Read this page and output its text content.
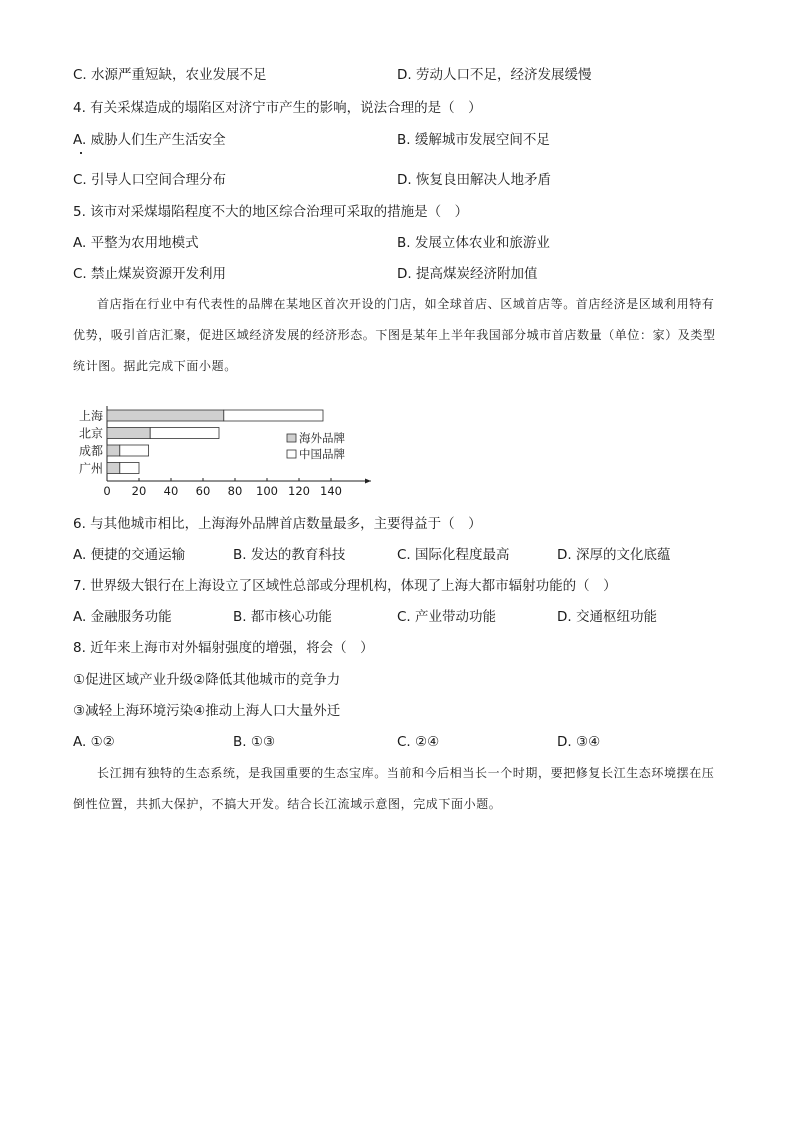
C. 水源严重短缺，农业发展不足	D. 劳动人口不足，经济发展缓慢
4. 有关采煤造成的塌陷区对济宁市产生的影响，说法合理的是（　）
A. 威胁人们生产生活安全	B. 缓解城市发展空间不足
C. 引导人口空间合理分布	D. 恢复良田解决人地矛盾
5. 该市对采煤塌陷程度不大的地区综合治理可采取的措施是（　）
A. 平整为农用地模式	B. 发展立体农业和旅游业
C. 禁止煤炭资源开发利用	D. 提高煤炭经济附加值

首店指在行业中有代表性的品牌在某地区首次开设的门店，如全球首店、区域首店等。首店经济是区域利用特有优势，吸引首店汇聚，促进区域经济发展的经济形态。下图是某年上半年我国部分城市首店数量（单位：家）及类型统计图。据此完成下面小题。

上海
北京
成都
广州
0 20 40 60 80 100 120 140
海外品牌
中国品牌
6. 与其他城市相比，上海海外品牌首店数量最多，主要得益于（　）
A. 便捷的交通运输	B. 发达的教育科技	C. 国际化程度最高	D. 深厚的文化底蕴
7. 世界级大银行在上海设立了区域性总部或分理机构，体现了上海大都市辐射功能的（　）
A. 金融服务功能	B. 都市核心功能	C. 产业带动功能	D. 交通枢纽功能
8. 近年来上海市对外辐射强度的增强，将会（　）
①促进区域产业升级②降低其他城市的竞争力
③减轻上海环境污染④推动上海人口大量外迁
A. ①②	B. ①③	C. ②④	D. ③④

长江拥有独特的生态系统，是我国重要的生态宝库。当前和今后相当长一个时期，要把修复长江生态环境摆在压倒性位置，共抓大保护，不搞大开发。结合长江流域示意图，完成下面小题。
